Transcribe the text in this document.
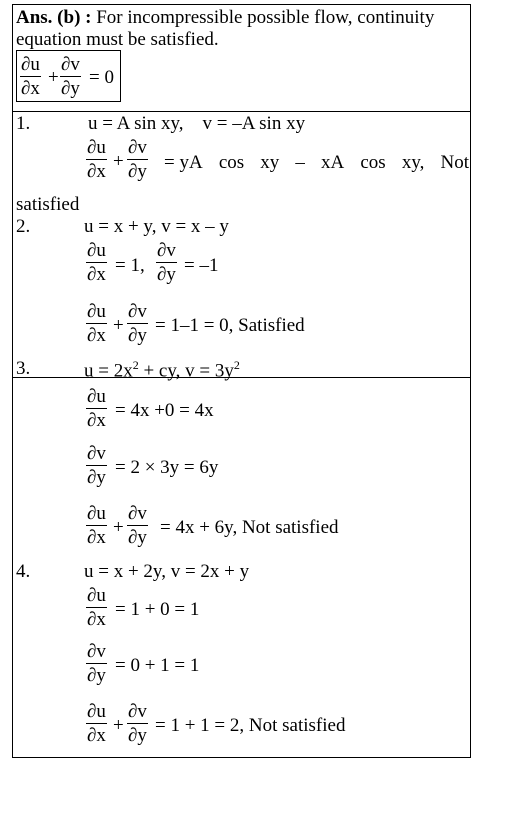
Ans. (b) : For incompressible possible flow, continuity
equation must be satisfied.
∂u
∂x
+
∂v
∂y
= 0
1.	u = A sin xy,    v = –A sin xy
∂u
∂x +
∂v
∂y = yA cos xy – xA cos xy, Not
satisfied
2.	u = x + y, v = x – y
∂u
∂x = 1,
∂v
∂y = –1
∂u
∂x +
∂v
∂y = 1–1 = 0, Satisfied
3.	$u = 2x^2$ + cy, $v = 3y^2$
∂u
∂x = 4x +0 = 4x
∂v
∂y = 2 × 3y = 6y
∂u
∂x +
∂v
∂y = 4x + 6y, Not satisfied
4.	u = x + 2y, v = 2x + y
∂u
∂x = 1 + 0 = 1
∂v
∂y = 0 + 1 = 1
∂u
∂x +
∂v
∂y = 1 + 1 = 2, Not satisfied
